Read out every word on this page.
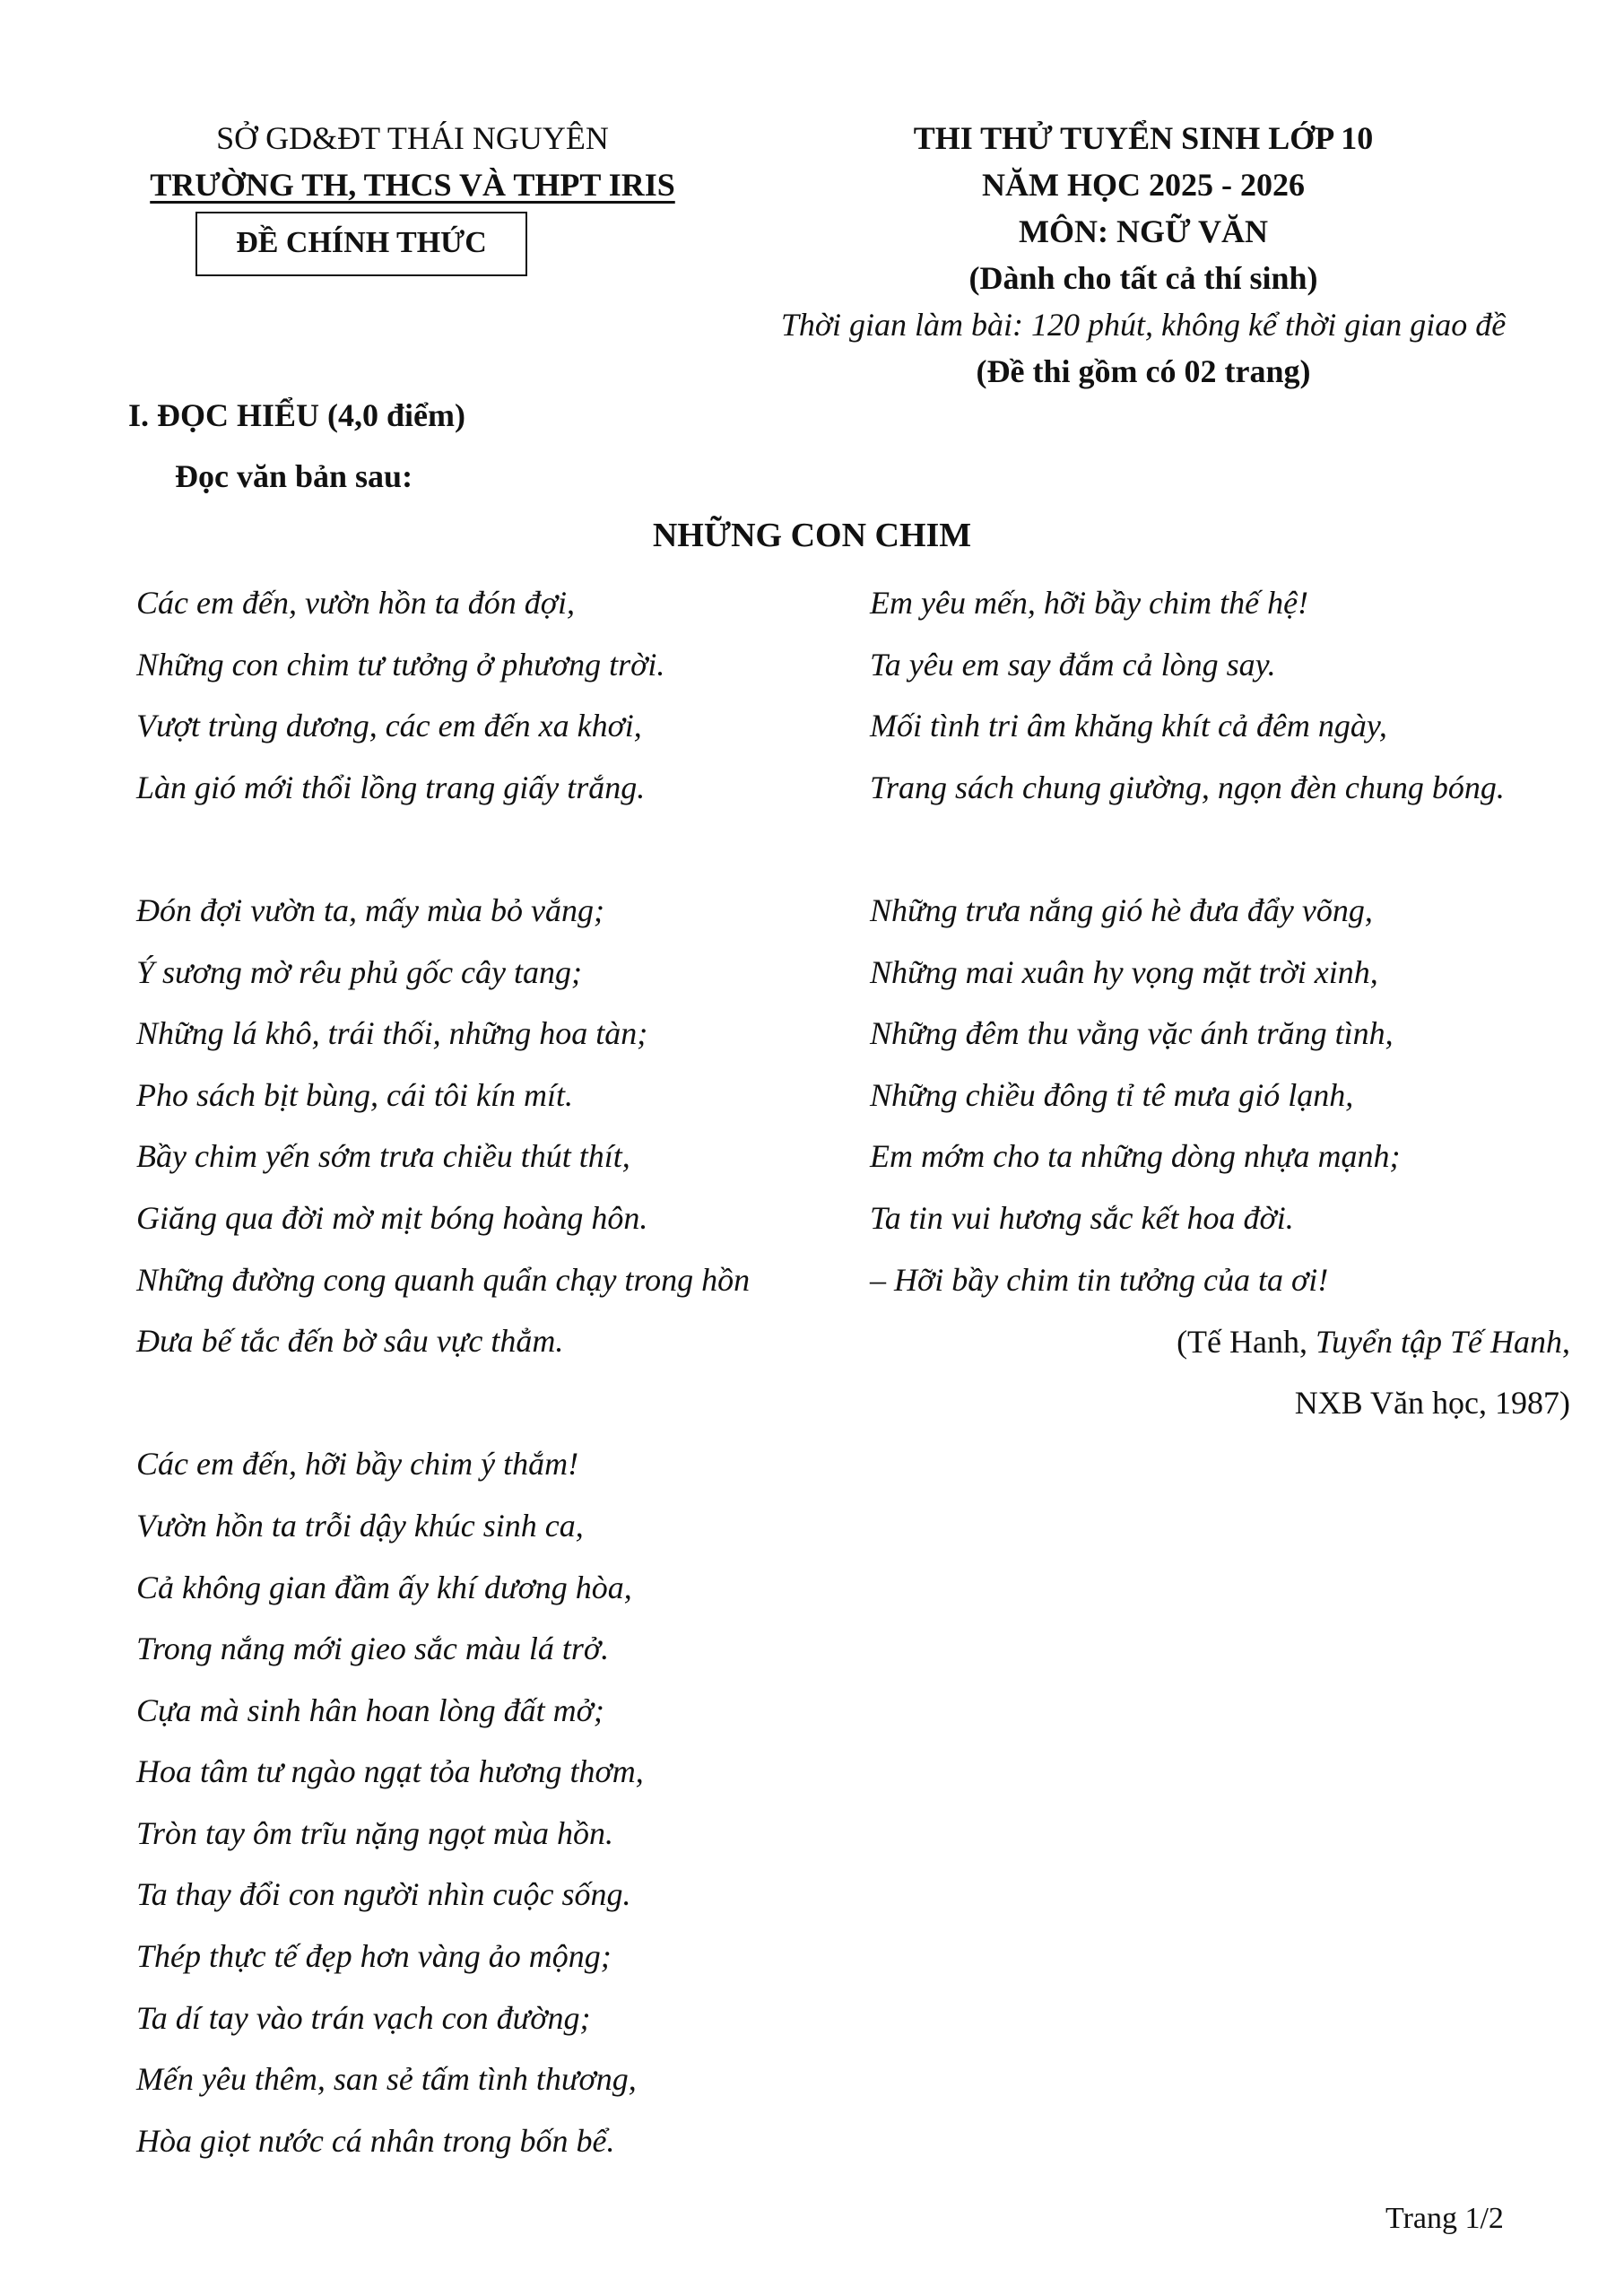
SỞ GD&ĐT THÁI NGUYÊN
TRƯỜNG TH, THCS VÀ THPT IRIS
ĐỀ CHÍNH THỨC
THI THỬ TUYỂN SINH LỚP 10
NĂM HỌC 2025 - 2026
MÔN: NGỮ VĂN
(Dành cho tất cả thí sinh)
Thời gian làm bài: 120 phút, không kể thời gian giao đề
(Đề thi gồm có 02 trang)
I. ĐỌC HIỂU (4,0 điểm)
Đọc văn bản sau:
NHỮNG CON CHIM
Các em đến, vườn hồn ta đón đợi,
Những con chim tư tưởng ở phương trời.
Vượt trùng dương, các em đến xa khơi,
Làn gió mới thổi lồng trang giấy trắng.
Đón đợi vườn ta, mấy mùa bỏ vắng;
Ý sương mờ rêu phủ gốc cây tang;
Những lá khô, trái thối, những hoa tàn;
Pho sách bịt bùng, cái tôi kín mít.
Bầy chim yến sớm trưa chiều thút thít,
Giăng qua đời mờ mịt bóng hoàng hôn.
Những đường cong quanh quẩn chạy trong hồn
Đưa bế tắc đến bờ sâu vực thẳm.
Các em đến, hỡi bầy chim ý thắm!
Vườn hồn ta trỗi dậy khúc sinh ca,
Cả không gian đầm ấy khí dương hòa,
Trong nắng mới gieo sắc màu lá trở.
Cựa mà sinh hân hoan lòng đất mở;
Hoa tâm tư ngào ngạt tỏa hương thơm,
Tròn tay ôm trĩu nặng ngọt mùa hồn.
Ta thay đổi con người nhìn cuộc sống.
Thép thực tế đẹp hơn vàng ảo mộng;
Ta dí tay vào trán vạch con đường;
Mến yêu thêm, san sẻ tấm tình thương,
Hòa giọt nước cá nhân trong bốn bể.
Em yêu mến, hỡi bầy chim thế hệ!
Ta yêu em say đắm cả lòng say.
Mối tình tri âm khăng khít cả đêm ngày,
Trang sách chung giường, ngọn đèn chung bóng.
Những trưa nắng gió hè đưa đẩy võng,
Những mai xuân hy vọng mặt trời xinh,
Những đêm thu vằng vặc ánh trăng tình,
Những chiều đông tỉ tê mưa gió lạnh,
Em mớm cho ta những dòng nhựa mạnh;
Ta tin vui hương sắc kết hoa đời.
– Hỡi bầy chim tin tưởng của ta ơi!
(Tế Hanh, Tuyển tập Tế Hanh,
NXB Văn học, 1987)
Trang 1/2
